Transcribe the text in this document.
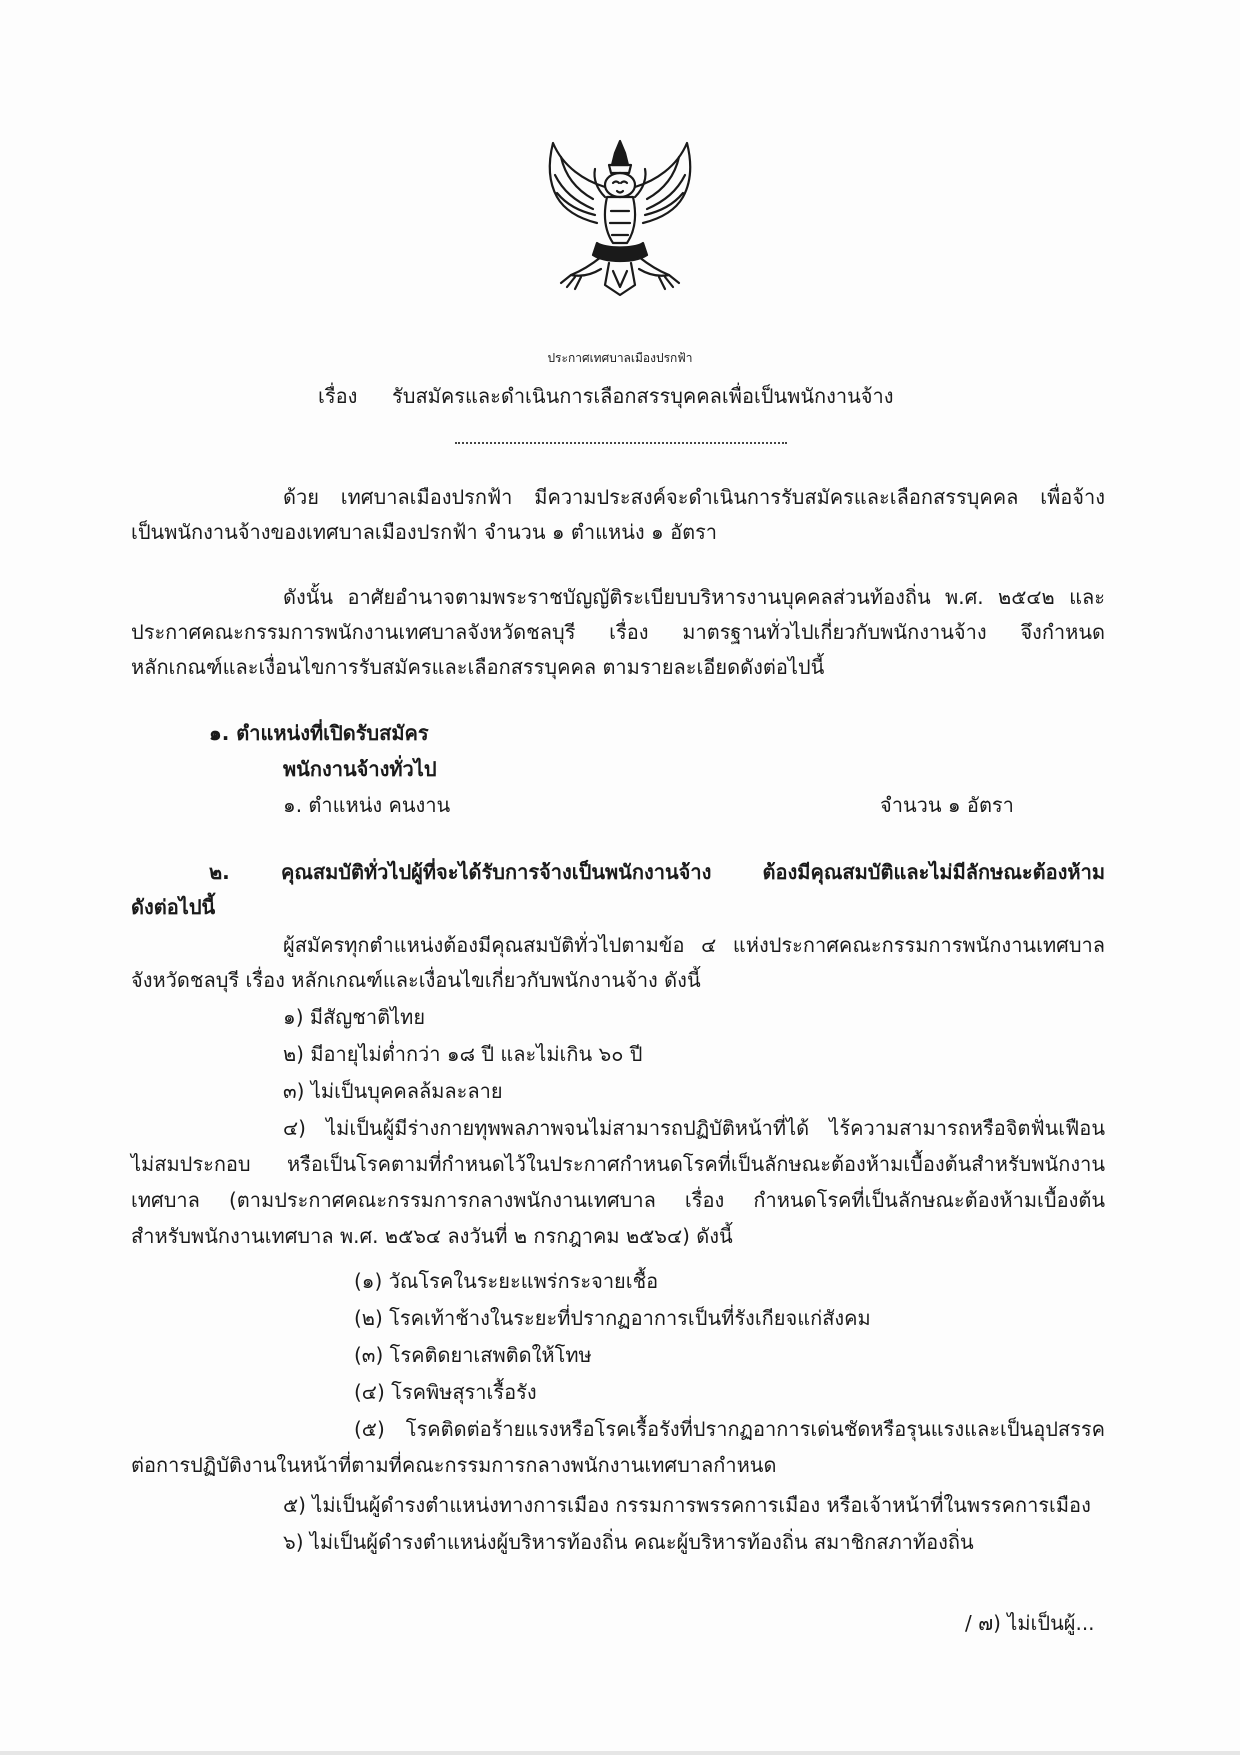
ประกาศเทศบาลเมืองปรกฟ้า
เรื่อง รับสมัครและดำเนินการเลือกสรรบุคคลเพื่อเป็นพนักงานจ้าง
ด้วย เทศบาลเมืองปรกฟ้า มีความประสงค์จะดำเนินการรับสมัครและเลือกสรรบุคคล เพื่อจ้าง
เป็นพนักงานจ้างของเทศบาลเมืองปรกฟ้า จำนวน ๑ ตำแหน่ง ๑ อัตรา
ดังนั้น อาศัยอำนาจตามพระราชบัญญัติระเบียบบริหารงานบุคคลส่วนท้องถิ่น พ.ศ. ๒๕๔๒ และ
ประกาศคณะกรรมการพนักงานเทศบาลจังหวัดชลบุรี เรื่อง มาตรฐานทั่วไปเกี่ยวกับพนักงานจ้าง จึงกำหนด
หลักเกณฑ์และเงื่อนไขการรับสมัครและเลือกสรรบุคคล ตามรายละเอียดดังต่อไปนี้
๑. ตำแหน่งที่เปิดรับสมัคร
พนักงานจ้างทั่วไป
๑. ตำแหน่ง คนงาน	จำนวน ๑ อัตรา
๒. คุณสมบัติทั่วไปผู้ที่จะได้รับการจ้างเป็นพนักงานจ้าง ต้องมีคุณสมบัติและไม่มีลักษณะต้องห้าม
ดังต่อไปนี้
ผู้สมัครทุกตำแหน่งต้องมีคุณสมบัติทั่วไปตามข้อ ๔ แห่งประกาศคณะกรรมการพนักงานเทศบาล
จังหวัดชลบุรี เรื่อง หลักเกณฑ์และเงื่อนไขเกี่ยวกับพนักงานจ้าง ดังนี้
๑) มีสัญชาติไทย
๒) มีอายุไม่ต่ำกว่า ๑๘ ปี และไม่เกิน ๖๐ ปี
๓) ไม่เป็นบุคคลล้มละลาย
๔) ไม่เป็นผู้มีร่างกายทุพพลภาพจนไม่สามารถปฏิบัติหน้าที่ได้ ไร้ความสามารถหรือจิตฟั่นเฟือน
ไม่สมประกอบ หรือเป็นโรคตามที่กำหนดไว้ในประกาศกำหนดโรคที่เป็นลักษณะต้องห้ามเบื้องต้นสำหรับพนักงาน
เทศบาล (ตามประกาศคณะกรรมการกลางพนักงานเทศบาล เรื่อง กำหนดโรคที่เป็นลักษณะต้องห้ามเบื้องต้น
สำหรับพนักงานเทศบาล พ.ศ. ๒๕๖๔ ลงวันที่ ๒ กรกฎาคม ๒๕๖๔) ดังนี้
(๑) วัณโรคในระยะแพร่กระจายเชื้อ
(๒) โรคเท้าช้างในระยะที่ปรากฏอาการเป็นที่รังเกียจแก่สังคม
(๓) โรคติดยาเสพติดให้โทษ
(๔) โรคพิษสุราเรื้อรัง
(๕) โรคติดต่อร้ายแรงหรือโรคเรื้อรังที่ปรากฏอาการเด่นชัดหรือรุนแรงและเป็นอุปสรรค
ต่อการปฏิบัติงานในหน้าที่ตามที่คณะกรรมการกลางพนักงานเทศบาลกำหนด
๕) ไม่เป็นผู้ดำรงตำแหน่งทางการเมือง กรรมการพรรคการเมือง หรือเจ้าหน้าที่ในพรรคการเมือง
๖) ไม่เป็นผู้ดำรงตำแหน่งผู้บริหารท้องถิ่น คณะผู้บริหารท้องถิ่น สมาชิกสภาท้องถิ่น
/ ๗) ไม่เป็นผู้...
